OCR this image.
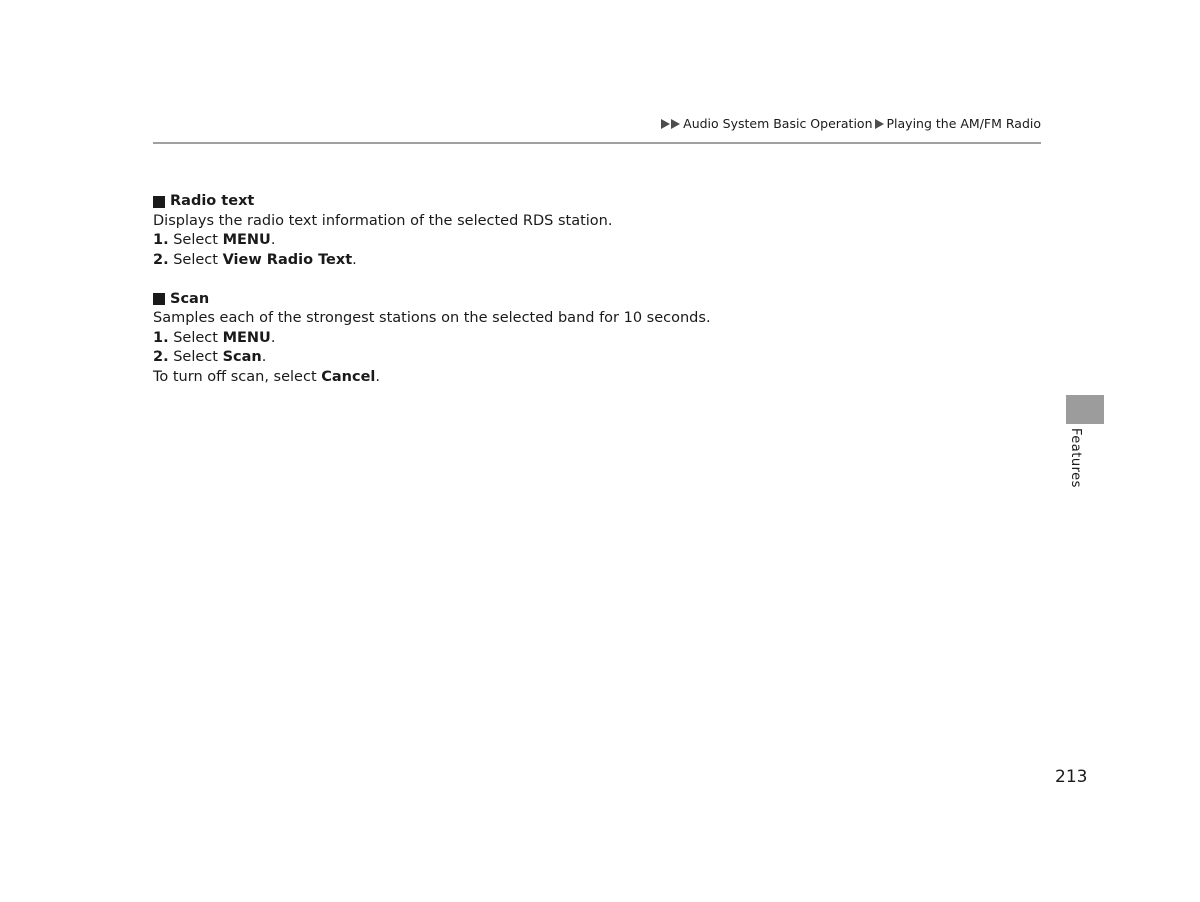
Audio System Basic Operation Playing the AM/FM Radio
Radio text
Displays the radio text information of the selected RDS station.
1. Select MENU.
2. Select View Radio Text.
Scan
Samples each of the strongest stations on the selected band for 10 seconds.
1. Select MENU.
2. Select Scan.
To turn off scan, select Cancel.
Features
213
